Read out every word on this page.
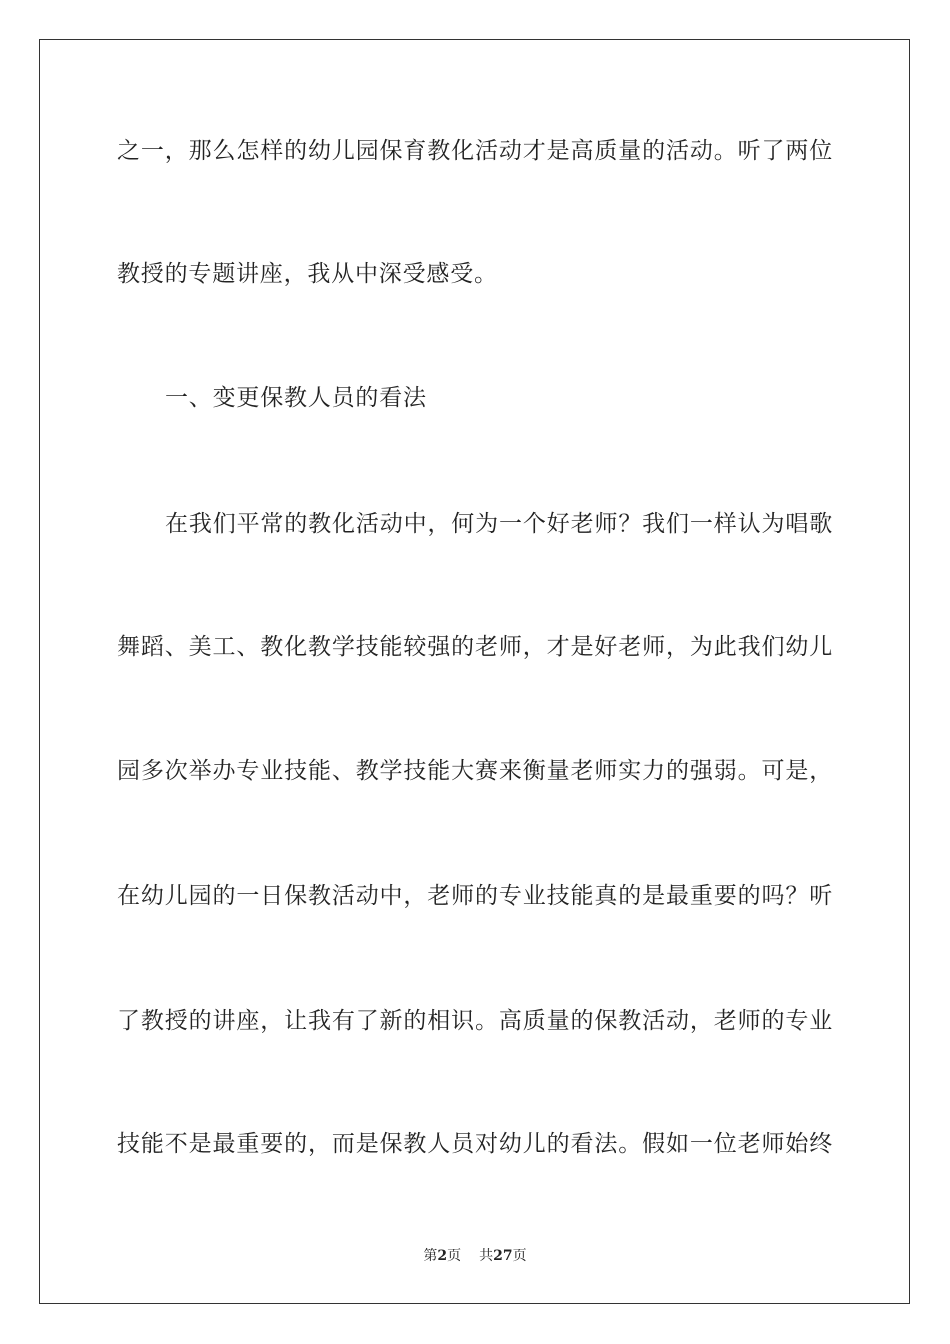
之一，那么怎样的幼儿园保育教化活动才是高质量的活动。听了两位
教授的专题讲座，我从中深受感受。
一、变更保教人员的看法
在我们平常的教化活动中，何为一个好老师？我们一样认为唱歌
舞蹈、美工、教化教学技能较强的老师，才是好老师，为此我们幼儿
园多次举办专业技能、教学技能大赛来衡量老师实力的强弱。可是，
在幼儿园的一日保教活动中，老师的专业技能真的是最重要的吗？听
了教授的讲座，让我有了新的相识。高质量的保教活动，老师的专业
技能不是最重要的，而是保教人员对幼儿的看法。假如一位老师始终
第2页 共27页
